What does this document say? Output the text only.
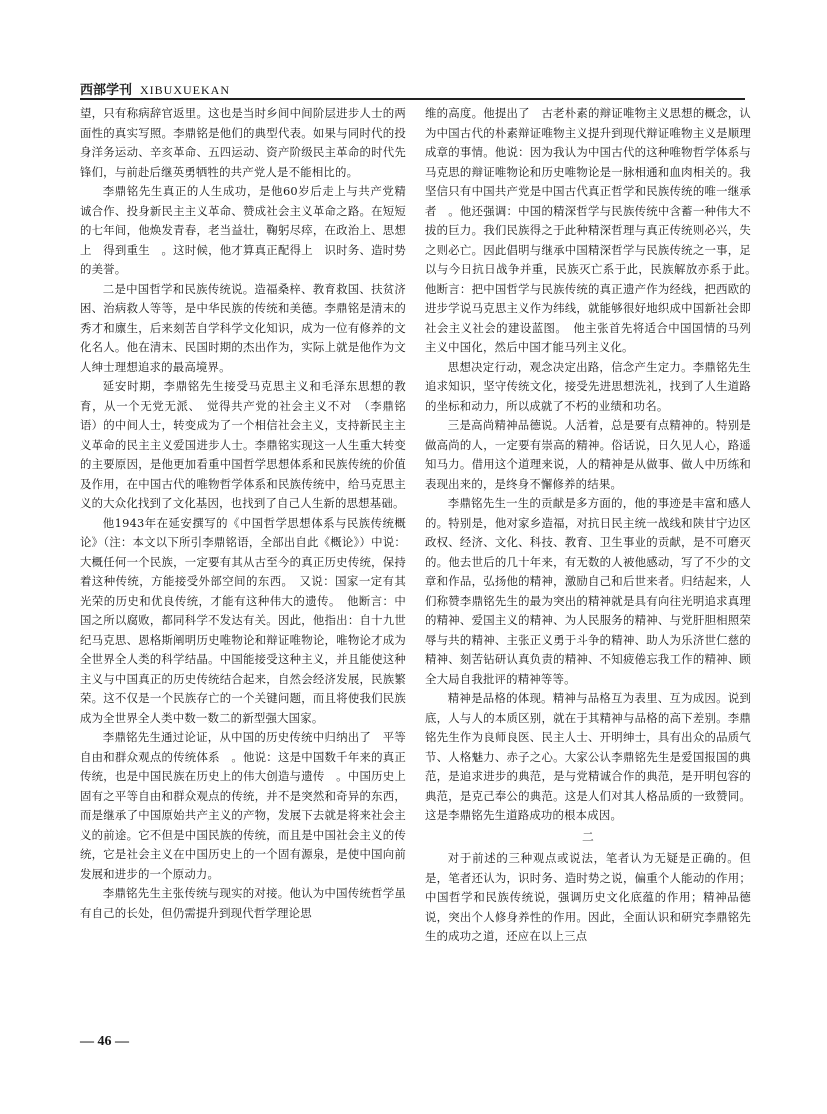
西部学刊 XIBUXUEKAN

望，只有称病辞官返里。这也是当时乡间中间阶层进步人士的两面性的真实写照。李鼎铭是他们的典型代表。如果与同时代的投身洋务运动、辛亥革命、五四运动、资产阶级民主革命的时代先锋们，与前赴后继英勇牺牲的共产党人是不能相比的。

李鼎铭先生真正的人生成功，是他60岁后走上与共产党精诚合作、投身新民主主义革命、赞成社会主义革命之路。在短短的七年间，他焕发青春，老当益壮，鞠躬尽瘁，在政治上、思想上　得到重生　。这时候，他才算真正配得上　识时务、造时势　的美誉。

二是中国哲学和民族传统说。造福桑梓、教育救国、扶贫济困、治病救人等等，是中华民族的传统和美德。李鼎铭是清末的秀才和廪生，后来刻苦自学科学文化知识，成为一位有修养的文化名人。他在清末、民国时期的杰出作为，实际上就是他作为文人绅士理想追求的最高境界。

延安时期，李鼎铭先生接受马克思主义和毛泽东思想的教育，从一个无党无派、　觉得共产党的社会主义不对　（李鼎铭语）的中间人士，转变成为了一个相信社会主义，支持新民主主义革命的民主主义爱国进步人士。李鼎铭实现这一人生重大转变的主要原因，是他更加看重中国哲学思想体系和民族传统的价值及作用，在中国古代的唯物哲学体系和民族传统中，给马克思主义的大众化找到了文化基因，也找到了自己人生新的思想基础。

他1943年在延安撰写的《中国哲学思想体系与民族传统概论》（注：本文以下所引李鼎铭语，全部出自此《概论》）中说：大概任何一个民族，一定要有其从古至今的真正历史传统，保持着这种传统，方能接受外部空间的东西。　又说：国家一定有其光荣的历史和优良传统，才能有这种伟大的遗传。　他断言：中国之所以腐败，都同科学不发达有关。因此，他指出：自十九世纪马克思、恩格斯阐明历史唯物论和辩证唯物论，唯物论才成为全世界全人类的科学结晶。中国能接受这种主义，并且能使这种主义与中国真正的历史传统结合起来，自然会经济发展，民族繁荣。这不仅是一个民族存亡的一个关键问题，而且将使我们民族成为全世界全人类中数一数二的新型强大国家。

李鼎铭先生通过论证，从中国的历史传统中归纳出了　平等自由和群众观点的传统体系　。他说：这是中国数千年来的真正传统，也是中国民族在历史上的伟大创造与遗传　。中国历史上固有之平等自由和群众观点的传统，并不是突然和奇异的东西，而是继承了中国原始共产主义的产物，发展下去就是将来社会主义的前途。它不但是中国民族的传统，而且是中国社会主义的传统，它是社会主义在中国历史上的一个固有源泉，是使中国向前发展和进步的一个原动力。

李鼎铭先生主张传统与现实的对接。他认为中国传统哲学虽有自己的长处，但仍需提升到现代哲学理论思

维的高度。他提出了　古老朴素的辩证唯物主义思想的概念，认为中国古代的朴素辩证唯物主义提升到现代辩证唯物主义是顺理成章的事情。他说：因为我认为中国古代的这种唯物哲学体系与马克思的辩证唯物论和历史唯物论是一脉相通和血肉相关的。我坚信只有中国共产党是中国古代真正哲学和民族传统的唯一继承者　。他还强调：中国的精深哲学与民族传统中含蓄一种伟大不拔的巨力。我们民族得之于此种精深哲理与真正传统则必兴，失之则必亡。因此倡明与继承中国精深哲学与民族传统之一事，足以与今日抗日战争并重，民族灭亡系于此，民族解放亦系于此。　他断言：把中国哲学与民族传统的真正遗产作为经线，把西欧的进步学说马克思主义作为纬线，就能够很好地织成中国新社会即社会主义社会的建设蓝图。　他主张首先将适合中国国情的马列主义中国化，然后中国才能马列主义化。

思想决定行动，观念决定出路，信念产生定力。李鼎铭先生追求知识，坚守传统文化，接受先进思想洗礼，找到了人生道路的坐标和动力，所以成就了不朽的业绩和功名。

三是高尚精神品德说。人活着，总是要有点精神的。特别是做高尚的人，一定要有崇高的精神。俗话说，日久见人心，路遥知马力。借用这个道理来说，人的精神是从做事、做人中历练和表现出来的，是终身不懈修养的结果。

李鼎铭先生一生的贡献是多方面的，他的事迹是丰富和感人的。特别是，他对家乡造福，对抗日民主统一战线和陕甘宁边区政权、经济、文化、科技、教育、卫生事业的贡献，是不可磨灭的。他去世后的几十年来，有无数的人被他感动，写了不少的文章和作品，弘扬他的精神，激励自己和后世来者。归结起来，人们称赞李鼎铭先生的最为突出的精神就是具有向往光明追求真理的精神、爱国主义的精神、为人民服务的精神、与党肝胆相照荣辱与共的精神、主张正义勇于斗争的精神、助人为乐济世仁慈的精神、刻苦钻研认真负责的精神、不知疲倦忘我工作的精神、顾全大局自我批评的精神等等。

精神是品格的体现。精神与品格互为表里、互为成因。说到底，人与人的本质区别，就在于其精神与品格的高下差别。李鼎铭先生作为良师良医、民主人士、开明绅士，具有出众的品质气节、人格魅力、赤子之心。大家公认李鼎铭先生是爱国报国的典范，是追求进步的典范，是与党精诚合作的典范，是开明包容的典范，是克己奉公的典范。这是人们对其人格品质的一致赞同。这是李鼎铭先生道路成功的根本成因。

二

对于前述的三种观点或说法，笔者认为无疑是正确的。但是，笔者还认为，识时务、造时势之说，偏重个人能动的作用；中国哲学和民族传统说，强调历史文化底蕴的作用；精神品德说，突出个人修身养性的作用。因此，全面认识和研究李鼎铭先生的成功之道，还应在以上三点

— 46 —
